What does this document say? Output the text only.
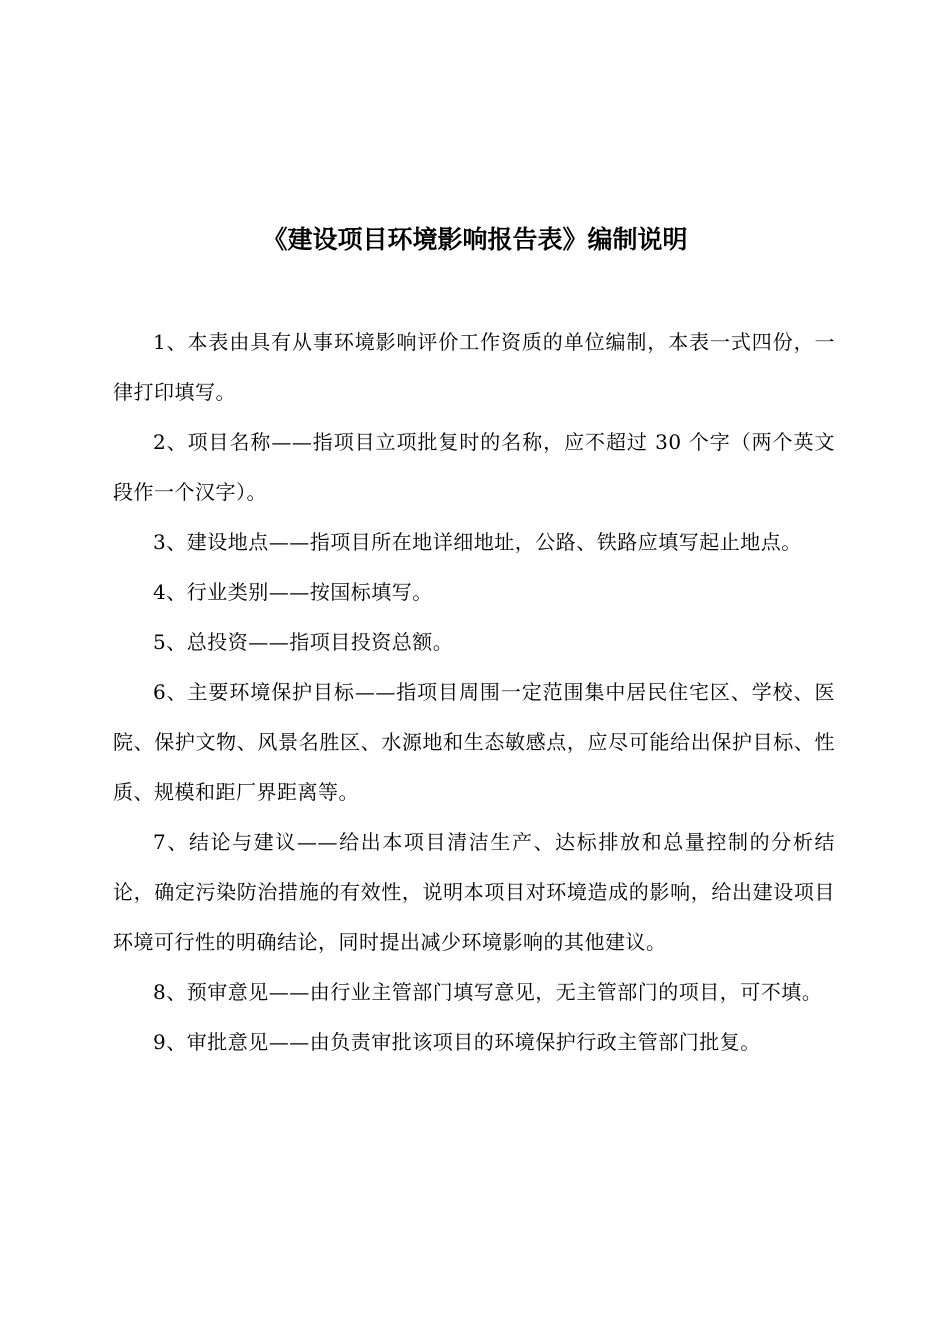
《建设项目环境影响报告表》编制说明

1、本表由具有从事环境影响评价工作资质的单位编制，本表一式四份，一律打印填写。

2、项目名称——指项目立项批复时的名称，应不超过 30 个字（两个英文段作一个汉字）。

3、建设地点——指项目所在地详细地址，公路、铁路应填写起止地点。

4、行业类别——按国标填写。

5、总投资——指项目投资总额。

6、主要环境保护目标——指项目周围一定范围集中居民住宅区、学校、医院、保护文物、风景名胜区、水源地和生态敏感点，应尽可能给出保护目标、性质、规模和距厂界距离等。

7、结论与建议——给出本项目清洁生产、达标排放和总量控制的分析结论，确定污染防治措施的有效性，说明本项目对环境造成的影响，给出建设项目环境可行性的明确结论，同时提出减少环境影响的其他建议。

8、预审意见——由行业主管部门填写意见，无主管部门的项目，可不填。

9、审批意见——由负责审批该项目的环境保护行政主管部门批复。
